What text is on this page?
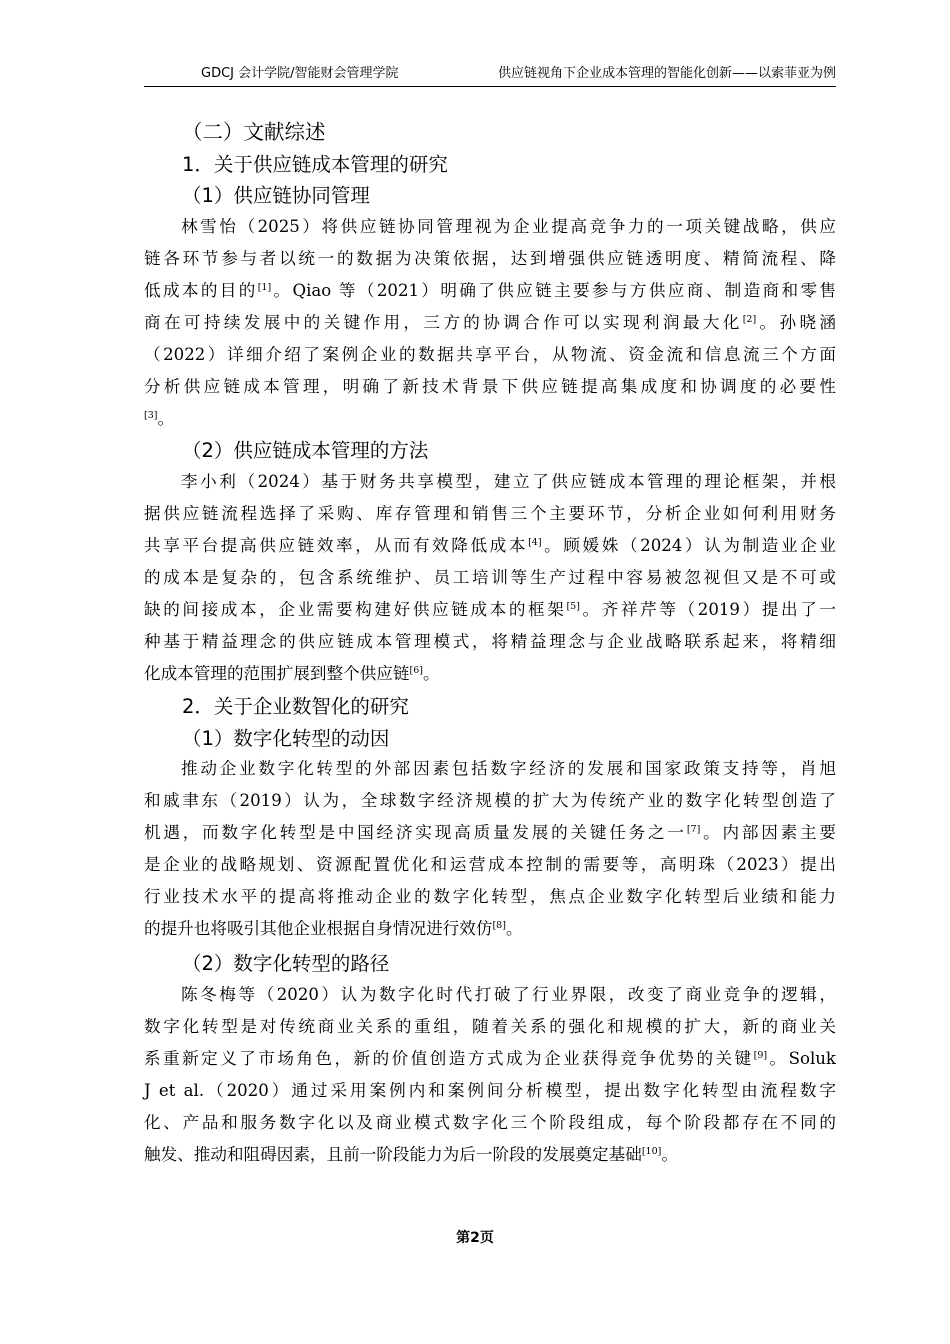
GDCJ 会计学院/智能财会管理学院	供应链视角下企业成本管理的智能化创新——以索菲亚为例
（二）文献综述
1．关于供应链成本管理的研究
（1）供应链协同管理
林雪怡（2025）将供应链协同管理视为企业提高竞争力的一项关键战略，供应
链各环节参与者以统一的数据为决策依据，达到增强供应链透明度、精简流程、降
低成本的目的[1]。Qiao 等（2021）明确了供应链主要参与方供应商、制造商和零售
商在可持续发展中的关键作用，三方的协调合作可以实现利润最大化[2]。孙晓涵
（2022）详细介绍了案例企业的数据共享平台，从物流、资金流和信息流三个方面
分析供应链成本管理，明确了新技术背景下供应链提高集成度和协调度的必要性
[3]。
（2）供应链成本管理的方法
李小利（2024）基于财务共享模型，建立了供应链成本管理的理论框架，并根
据供应链流程选择了采购、库存管理和销售三个主要环节，分析企业如何利用财务
共享平台提高供应链效率，从而有效降低成本[4]。顾媛姝（2024）认为制造业企业
的成本是复杂的，包含系统维护、员工培训等生产过程中容易被忽视但又是不可或
缺的间接成本，企业需要构建好供应链成本的框架[5]。齐祥芹等（2019）提出了一
种基于精益理念的供应链成本管理模式，将精益理念与企业战略联系起来，将精细
化成本管理的范围扩展到整个供应链[6]。
2．关于企业数智化的研究
（1）数字化转型的动因
推动企业数字化转型的外部因素包括数字经济的发展和国家政策支持等，肖旭
和戚聿东（2019）认为，全球数字经济规模的扩大为传统产业的数字化转型创造了
机遇，而数字化转型是中国经济实现高质量发展的关键任务之一[7]。内部因素主要
是企业的战略规划、资源配置优化和运营成本控制的需要等，高明珠（2023）提出
行业技术水平的提高将推动企业的数字化转型，焦点企业数字化转型后业绩和能力
的提升也将吸引其他企业根据自身情况进行效仿[8]。
（2）数字化转型的路径
陈冬梅等（2020）认为数字化时代打破了行业界限，改变了商业竞争的逻辑，
数字化转型是对传统商业关系的重组，随着关系的强化和规模的扩大，新的商业关
系重新定义了市场角色，新的价值创造方式成为企业获得竞争优势的关键[9]。Soluk
J et al.（2020）通过采用案例内和案例间分析模型，提出数字化转型由流程数字
化、产品和服务数字化以及商业模式数字化三个阶段组成，每个阶段都存在不同的
触发、推动和阻碍因素，且前一阶段能力为后一阶段的发展奠定基础[10]。
第2页
